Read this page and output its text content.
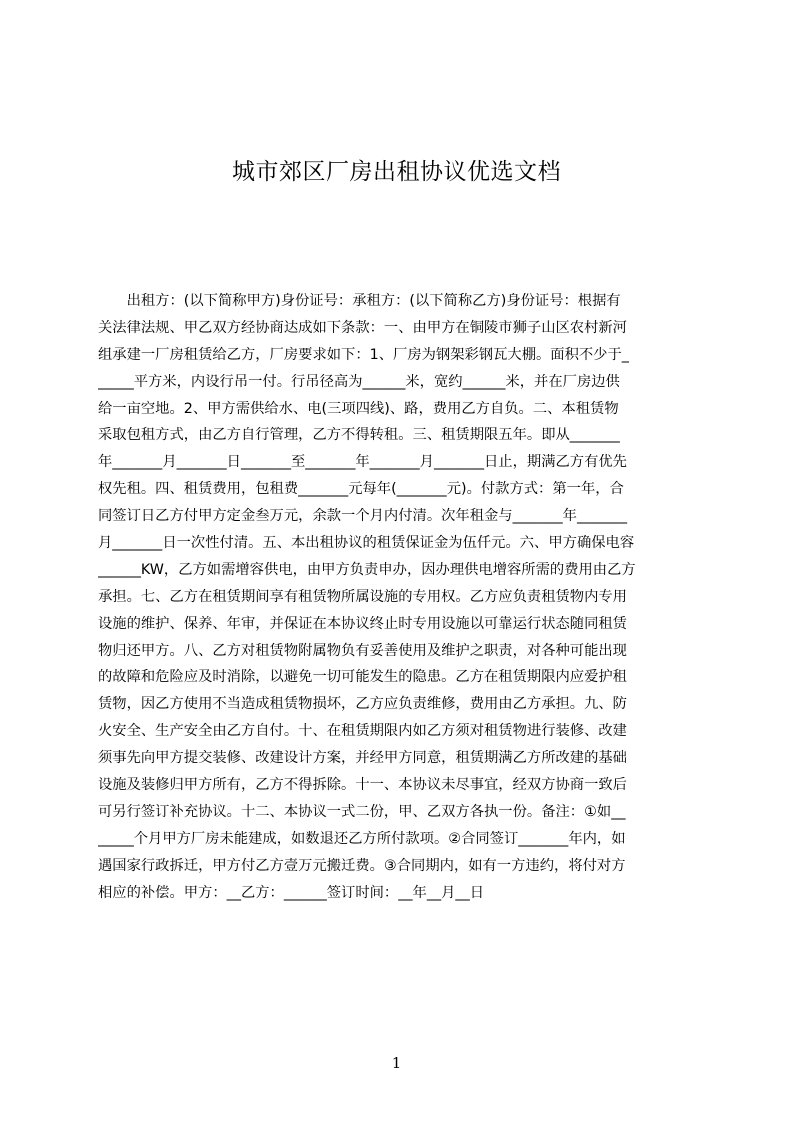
城市郊区厂房出租协议优选文档
　　出租方：(以下简称甲方)身份证号：承租方：(以下简称乙方)身份证号：根据有
关法律法规、甲乙双方经协商达成如下条款：一、由甲方在铜陵市狮子山区农村新河
组承建一厂房租赁给乙方，厂房要求如下：1、厂房为钢架彩钢瓦大棚。面积不少于_
_____平方米，内设行吊一付。行吊径高为______米，宽约______米，并在厂房边供
给一亩空地。2、甲方需供给水、电(三项四线)、路，费用乙方自负。二、本租赁物
采取包租方式，由乙方自行管理，乙方不得转租。三、租赁期限五年。即从_______
年_______月_______日_______至_______年_______月_______日止，期满乙方有优先
权先租。四、租赁费用，包租费_______元每年(_______元)。付款方式：第一年，合
同签订日乙方付甲方定金叁万元，余款一个月内付清。次年租金与_______年_______
月_______日一次性付清。五、本出租协议的租赁保证金为伍仟元。六、甲方确保电容
______KW，乙方如需增容供电，由甲方负责申办，因办理供电增容所需的费用由乙方
承担。七、乙方在租赁期间享有租赁物所属设施的专用权。乙方应负责租赁物内专用
设施的维护、保养、年审，并保证在本协议终止时专用设施以可靠运行状态随同租赁
物归还甲方。八、乙方对租赁物附属物负有妥善使用及维护之职责，对各种可能出现
的故障和危险应及时消除，以避免一切可能发生的隐患。乙方在租赁期限内应爱护租
赁物，因乙方使用不当造成租赁物损坏，乙方应负责维修，费用由乙方承担。九、防
火安全、生产安全由乙方自付。十、在租赁期限内如乙方须对租赁物进行装修、改建
须事先向甲方提交装修、改建设计方案，并经甲方同意，租赁期满乙方所改建的基础
设施及装修归甲方所有，乙方不得拆除。十一、本协议未尽事宜，经双方协商一致后
可另行签订补充协议。十二、本协议一式二份，甲、乙双方各执一份。备注：①如__
_____个月甲方厂房未能建成，如数退还乙方所付款项。②合同签订_______年内，如
遇国家行政拆迁，甲方付乙方壹万元搬迁费。③合同期内，如有一方违约，将付对方
相应的补偿。甲方：__乙方：______签订时间：__年__月__日
1
